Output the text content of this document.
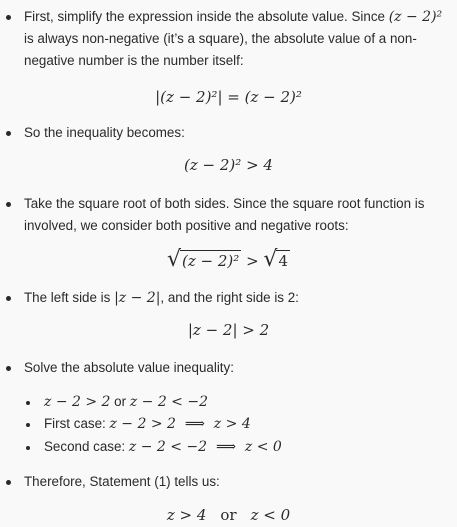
First, simplify the expression inside the absolute value. Since (z − 2)²
is always non-negative (it’s a square), the absolute value of a non-
negative number is the number itself:
|(z − 2)²| = (z − 2)²
So the inequality becomes:
(z − 2)² > 4
Take the square root of both sides. Since the square root function is
involved, we consider both positive and negative roots:
√ (z − 2)² > √ 4
The left side is |z − 2|, and the right side is 2:
|z − 2| > 2
Solve the absolute value inequality:
z − 2 > 2 or z − 2 < −2
First case: z − 2 > 2  ⟹  z > 4
Second case: z − 2 < −2  ⟹  z < 0
Therefore, Statement (1) tells us:
z > 4 or z < 0
